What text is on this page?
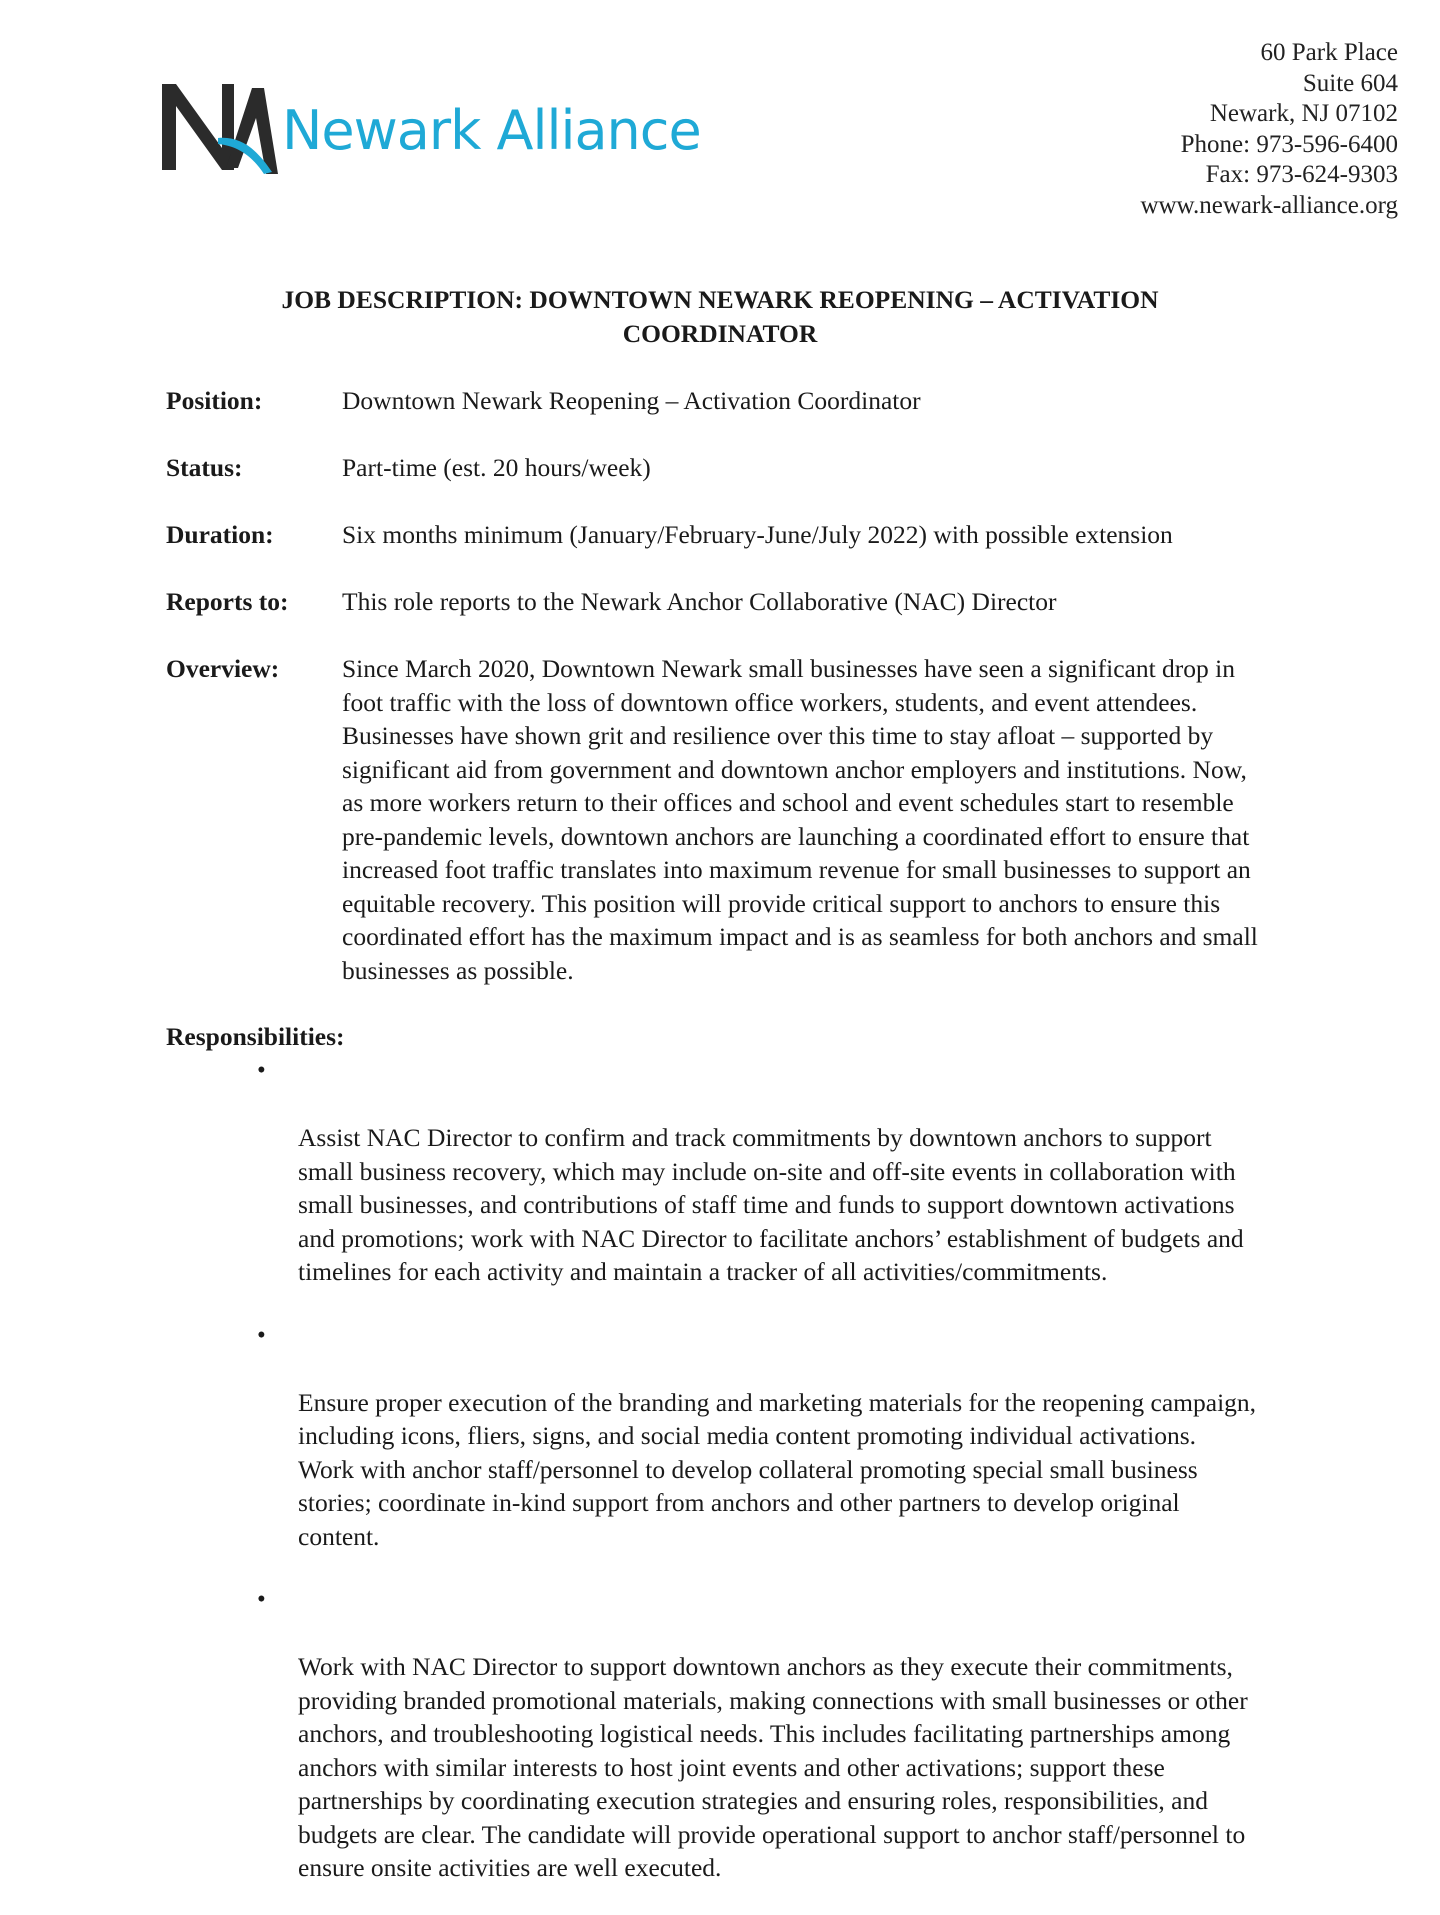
Newark Alliance
60 Park Place
Suite 604
Newark, NJ 07102
Phone: 973-596-6400
Fax: 973-624-9303
www.newark-alliance.org
JOB DESCRIPTION: DOWNTOWN NEWARK REOPENING – ACTIVATION
COORDINATOR
Position:	Downtown Newark Reopening – Activation Coordinator
Status:	Part-time (est. 20 hours/week)
Duration:	Six months minimum (January/February-June/July 2022) with possible extension
Reports to: This role reports to the Newark Anchor Collaborative (NAC) Director
Overview: Since March 2020, Downtown Newark small businesses have seen a significant drop in
foot traffic with the loss of downtown office workers, students, and event attendees.
Businesses have shown grit and resilience over this time to stay afloat – supported by
significant aid from government and downtown anchor employers and institutions. Now,
as more workers return to their offices and school and event schedules start to resemble
pre-pandemic levels, downtown anchors are launching a coordinated effort to ensure that
increased foot traffic translates into maximum revenue for small businesses to support an
equitable recovery. This position will provide critical support to anchors to ensure this
coordinated effort has the maximum impact and is as seamless for both anchors and small
businesses as possible.
Responsibilities:

•

Assist NAC Director to confirm and track commitments by downtown anchors to support
small business recovery, which may include on-site and off-site events in collaboration with
small businesses, and contributions of staff time and funds to support downtown activations
and promotions; work with NAC Director to facilitate anchors’ establishment of budgets and
timelines for each activity and maintain a tracker of all activities/commitments.

•

Ensure proper execution of the branding and marketing materials for the reopening campaign,
including icons, fliers, signs, and social media content promoting individual activations.
Work with anchor staff/personnel to develop collateral promoting special small business
stories; coordinate in-kind support from anchors and other partners to develop original
content.

•

Work with NAC Director to support downtown anchors as they execute their commitments,
providing branded promotional materials, making connections with small businesses or other
anchors, and troubleshooting logistical needs. This includes facilitating partnerships among
anchors with similar interests to host joint events and other activations; support these
partnerships by coordinating execution strategies and ensuring roles, responsibilities, and
budgets are clear. The candidate will provide operational support to anchor staff/personnel to
ensure onsite activities are well executed.
